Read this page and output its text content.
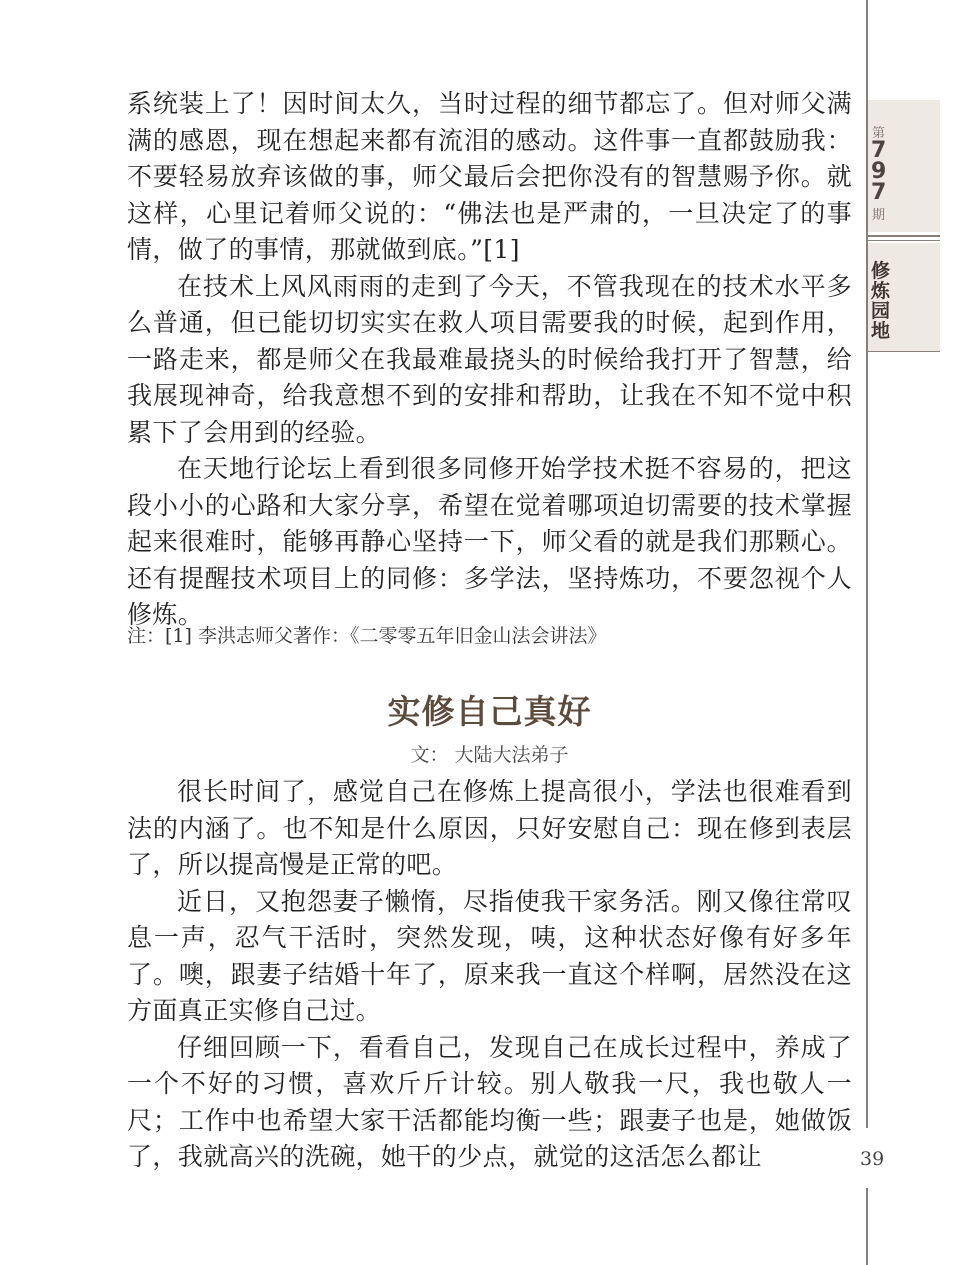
系统装上了！因时间太久，当时过程的细节都忘了。但对师父满满的感恩，现在想起来都有流泪的感动。这件事一直都鼓励我：不要轻易放弃该做的事，师父最后会把你没有的智慧赐予你。就这样，心里记着师父说的：“佛法也是严肃的，一旦决定了的事情，做了的事情，那就做到底。”[1]

在技术上风风雨雨的走到了今天，不管我现在的技术水平多么普通，但已能切切实实在救人项目需要我的时候，起到作用，一路走来，都是师父在我最难最挠头的时候给我打开了智慧，给我展现神奇，给我意想不到的安排和帮助，让我在不知不觉中积累下了会用到的经验。

在天地行论坛上看到很多同修开始学技术挺不容易的，把这段小小的心路和大家分享，希望在觉着哪项迫切需要的技术掌握起来很难时，能够再静心坚持一下，师父看的就是我们那颗心。还有提醒技术项目上的同修：多学法，坚持炼功，不要忽视个人修炼。

注：[1] 李洪志师父著作：《二零零五年旧金山法会讲法》
实修自己真好
文： 大陆大法弟子

很长时间了，感觉自己在修炼上提高很小，学法也很难看到法的内涵了。也不知是什么原因，只好安慰自己：现在修到表层了，所以提高慢是正常的吧。

近日，又抱怨妻子懒惰，尽指使我干家务活。刚又像往常叹息一声，忍气干活时，突然发现，咦，这种状态好像有好多年了。噢，跟妻子结婚十年了，原来我一直这个样啊，居然没在这方面真正实修自己过。

仔细回顾一下，看看自己，发现自己在成长过程中，养成了一个不好的习惯，喜欢斤斤计较。别人敬我一尺，我也敬人一尺；工作中也希望大家干活都能均衡一些；跟妻子也是，她做饭了，我就高兴的洗碗，她干的少点，就觉的这活怎么都让

第
7
9
7
期
修
炼
园
地
39
